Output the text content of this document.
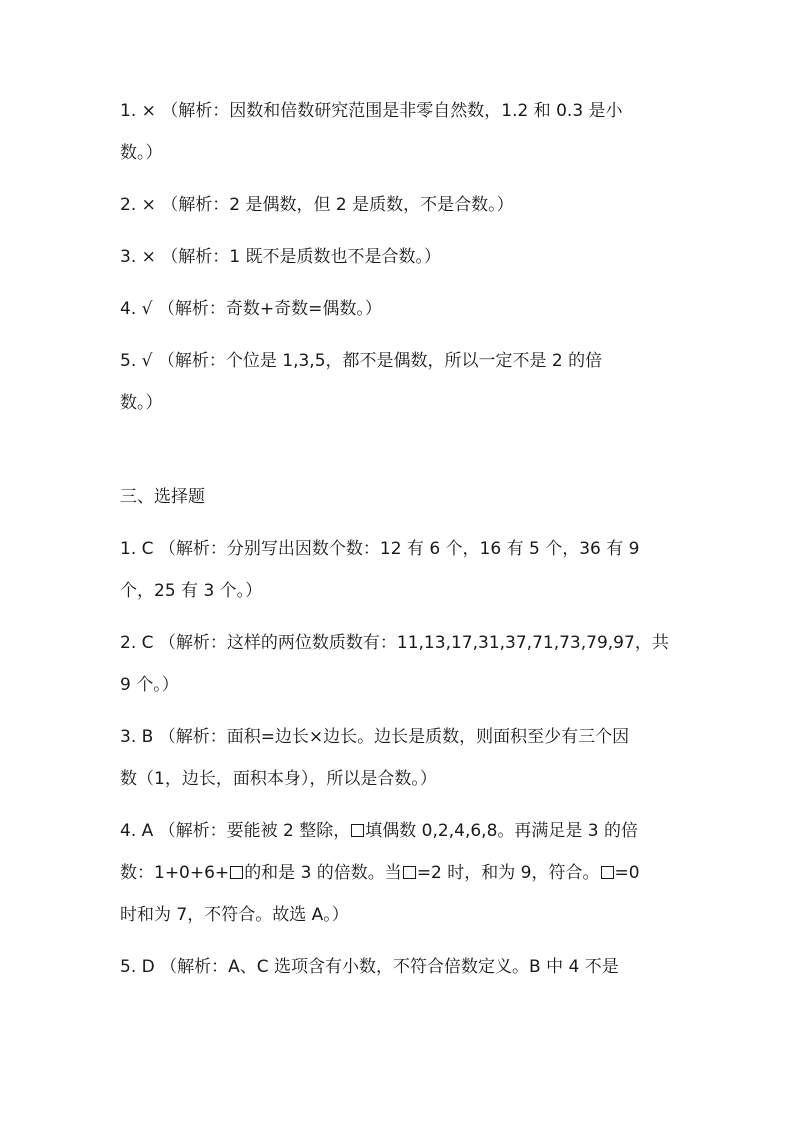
1. × （解析：因数和倍数研究范围是非零自然数，1.2 和 0.3 是小
数。）
2. × （解析：2 是偶数，但 2 是质数，不是合数。）
3. × （解析：1 既不是质数也不是合数。）
4. √ （解析：奇数+奇数=偶数。）
5. √ （解析：个位是 1,3,5，都不是偶数，所以一定不是 2 的倍
数。）
三、选择题
1. C （解析：分别写出因数个数：12 有 6 个，16 有 5 个，36 有 9
个，25 有 3 个。）
2. C （解析：这样的两位数质数有：11,13,17,31,37,71,73,79,97，共
9 个。）
3. B （解析：面积=边长×边长。边长是质数，则面积至少有三个因
数（1，边长，面积本身），所以是合数。）
4. A （解析：要能被 2 整除， 填偶数 0,2,4,6,8。再满足是 3 的倍
数：1+0+6+ 的和是 3 的倍数。当 =2 时，和为 9，符合。 =0
时和为 7，不符合。故选 A。）
5. D （解析：A、C 选项含有小数，不符合倍数定义。B 中 4 不是
